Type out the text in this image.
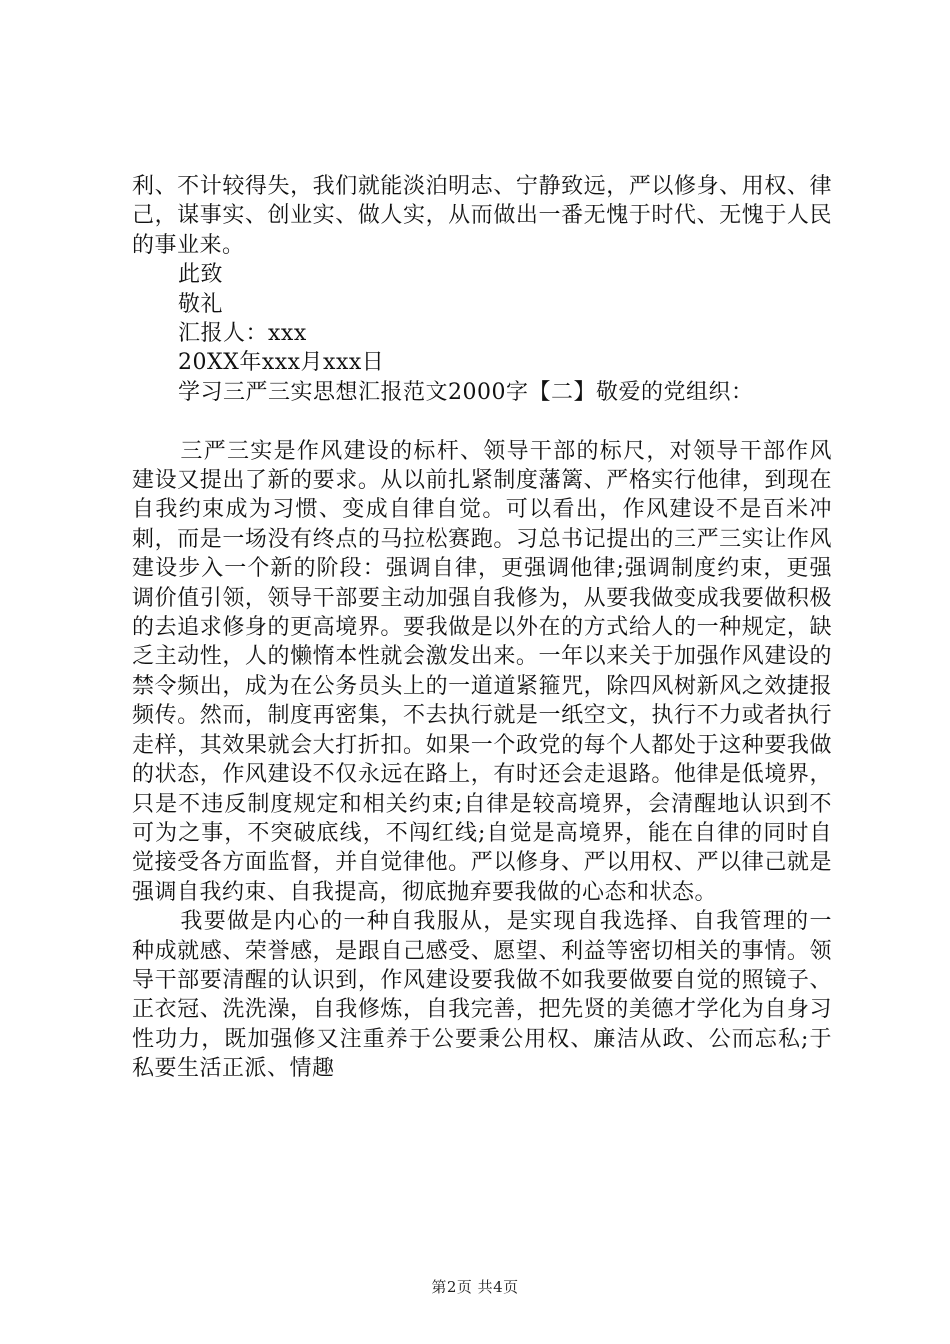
利、不计较得失，我们就能淡泊明志、宁静致远，严以修身、用权、律己，谋事实、创业实、做人实，从而做出一番无愧于时代、无愧于人民的事业来。

此致

敬礼

汇报人：xxx

20XX年xxx月xxx日

学习三严三实思想汇报范文2000字【二】敬爱的党组织：

三严三实是作风建设的标杆、领导干部的标尺，对领导干部作风建设又提出了新的要求。从以前扎紧制度藩篱、严格实行他律，到现在自我约束成为习惯、变成自律自觉。可以看出，作风建设不是百米冲刺，而是一场没有终点的马拉松赛跑。习总书记提出的三严三实让作风建设步入一个新的阶段：强调自律，更强调他律;强调制度约束，更强调价值引领，领导干部要主动加强自我修为，从要我做变成我要做积极的去追求修身的更高境界。要我做是以外在的方式给人的一种规定，缺乏主动性，人的懒惰本性就会激发出来。一年以来关于加强作风建设的禁令频出，成为在公务员头上的一道道紧箍咒，除四风树新风之效捷报频传。然而，制度再密集，不去执行就是一纸空文，执行不力或者执行走样，其效果就会大打折扣。如果一个政党的每个人都处于这种要我做的状态，作风建设不仅永远在路上，有时还会走退路。他律是低境界，只是不违反制度规定和相关约束;自律是较高境界，会清醒地认识到不可为之事，不突破底线，不闯红线;自觉是高境界，能在自律的同时自觉接受各方面监督，并自觉律他。严以修身、严以用权、严以律己就是强调自我约束、自我提高，彻底抛弃要我做的心态和状态。

我要做是内心的一种自我服从，是实现自我选择、自我管理的一种成就感、荣誉感，是跟自己感受、愿望、利益等密切相关的事情。领导干部要清醒的认识到，作风建设要我做不如我要做要自觉的照镜子、正衣冠、洗洗澡，自我修炼，自我完善，把先贤的美德才学化为自身习性功力，既加强修又注重养于公要秉公用权、廉洁从政、公而忘私;于私要生活正派、情趣

第2页 共4页
